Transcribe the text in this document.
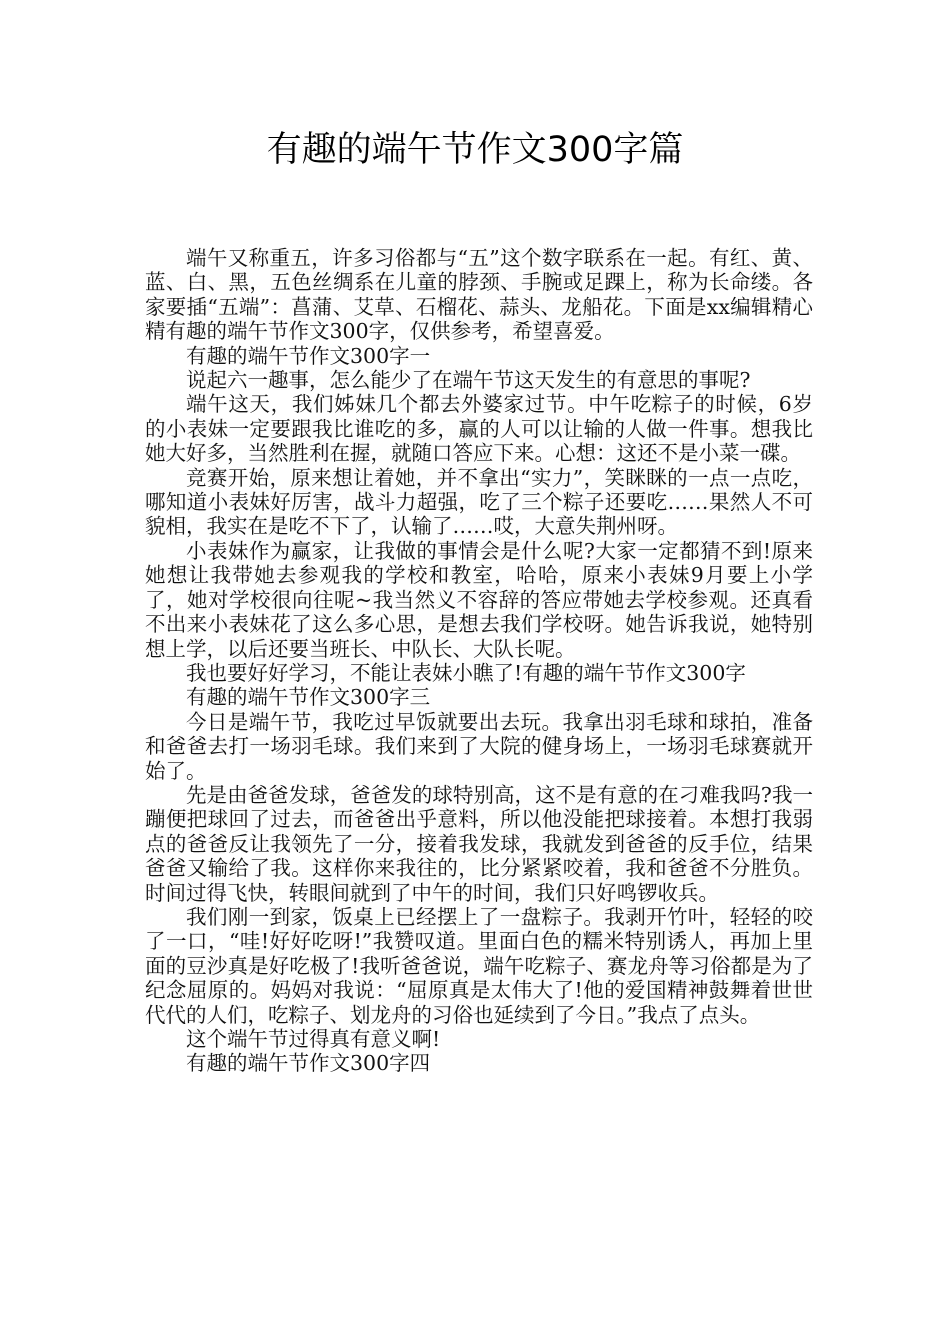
有趣的端午节作文300字篇

端午又称重五，许多习俗都与“五”这个数字联系在一起。有红、黄、蓝、白、黑，五色丝绸系在儿童的脖颈、手腕或足踝上，称为长命缕。各家要插“五端”：菖蒲、艾草、石榴花、蒜头、龙船花。下面是xx编辑精心精有趣的端午节作文300字，仅供参考，希望喜爱。

有趣的端午节作文300字一

说起六一趣事，怎么能少了在端午节这天发生的有意思的事呢?

端午这天，我们姊妹几个都去外婆家过节。中午吃粽子的时候，6岁的小表妹一定要跟我比谁吃的多，赢的人可以让输的人做一件事。想我比她大好多，当然胜利在握，就随口答应下来。心想：这还不是小菜一碟。

竞赛开始，原来想让着她，并不拿出“实力”，笑眯眯的一点一点吃，哪知道小表妹好厉害，战斗力超强，吃了三个粽子还要吃……果然人不可貌相，我实在是吃不下了，认输了……哎，大意失荆州呀。

小表妹作为赢家，让我做的事情会是什么呢?大家一定都猜不到!原来她想让我带她去参观我的学校和教室，哈哈，原来小表妹9月要上小学了，她对学校很向往呢~我当然义不容辞的答应带她去学校参观。还真看不出来小表妹花了这么多心思，是想去我们学校呀。她告诉我说，她特别想上学，以后还要当班长、中队长、大队长呢。

我也要好好学习，不能让表妹小瞧了!有趣的端午节作文300字

有趣的端午节作文300字三

今日是端午节，我吃过早饭就要出去玩。我拿出羽毛球和球拍，准备和爸爸去打一场羽毛球。我们来到了大院的健身场上，一场羽毛球赛就开始了。

先是由爸爸发球，爸爸发的球特别高，这不是有意的在刁难我吗?我一蹦便把球回了过去，而爸爸出乎意料，所以他没能把球接着。本想打我弱点的爸爸反让我领先了一分，接着我发球，我就发到爸爸的反手位，结果爸爸又输给了我。这样你来我往的，比分紧紧咬着，我和爸爸不分胜负。时间过得飞快，转眼间就到了中午的时间，我们只好鸣锣收兵。

我们刚一到家，饭桌上已经摆上了一盘粽子。我剥开竹叶，轻轻的咬了一口，“哇!好好吃呀!”我赞叹道。里面白色的糯米特别诱人，再加上里面的豆沙真是好吃极了!我听爸爸说，端午吃粽子、赛龙舟等习俗都是为了纪念屈原的。妈妈对我说：“屈原真是太伟大了!他的爱国精神鼓舞着世世代代的人们，吃粽子、划龙舟的习俗也延续到了今日。”我点了点头。

这个端午节过得真有意义啊!

有趣的端午节作文300字四
